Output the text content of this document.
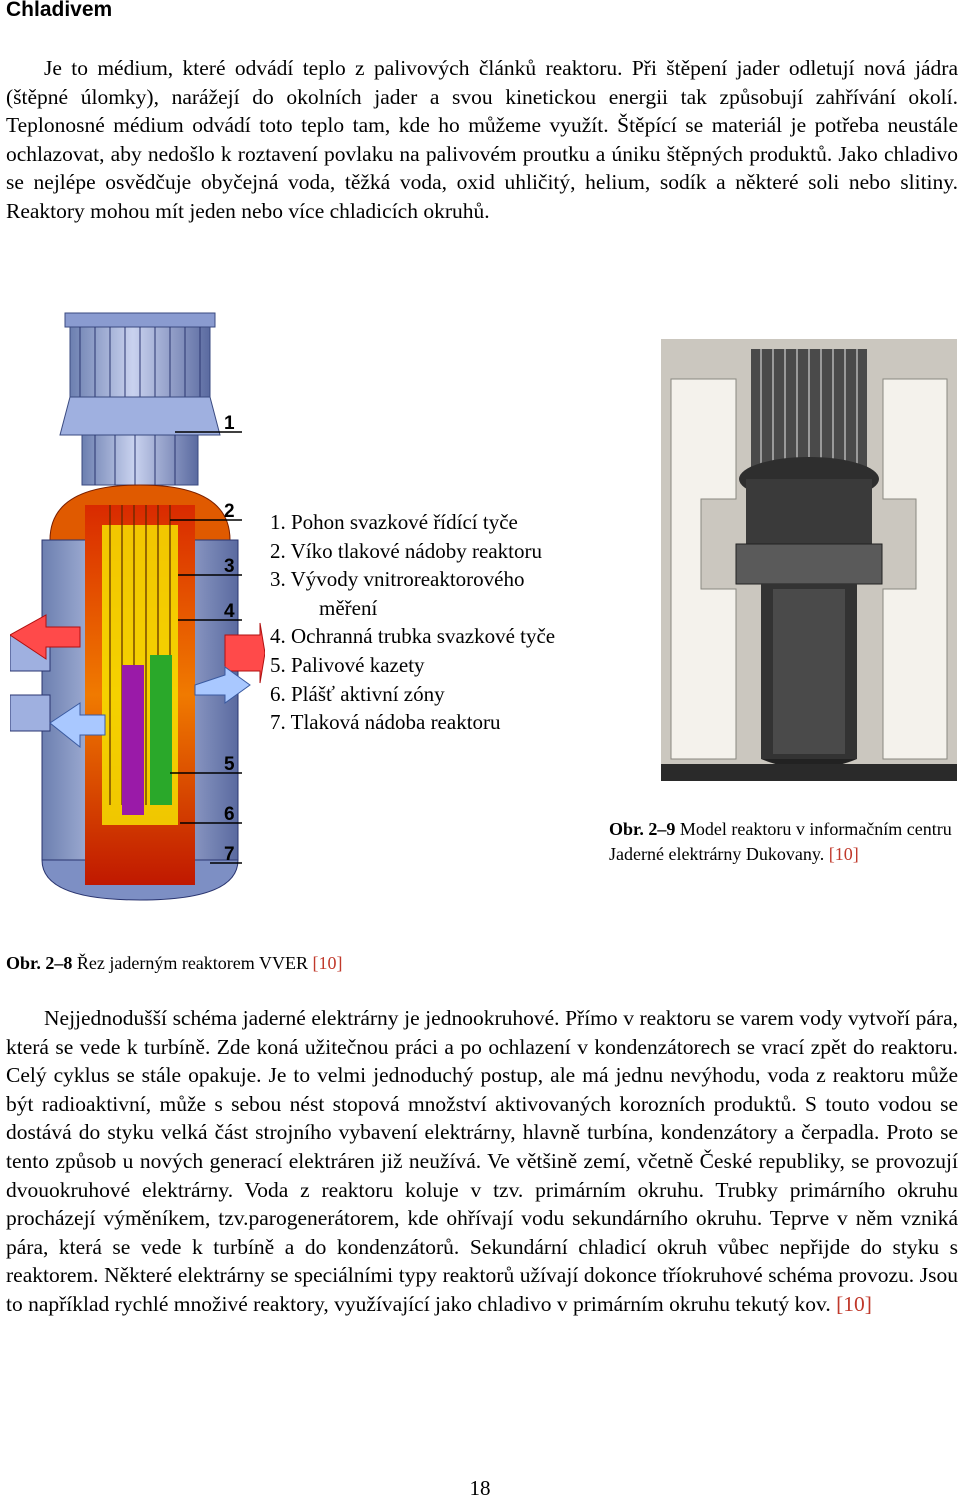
Chladivem

Je to médium, které odvádí teplo z palivových článků reaktoru. Při štěpení jader odletují nová jádra (štěpné úlomky), narážejí do okolních jader a svou kinetickou energii tak způsobují zahřívání okolí. Teplonosné médium odvádí toto teplo tam, kde ho můžeme využít. Štěpící se materiál je potřeba neustále ochlazovat, aby nedošlo k roztavení povlaku na palivovém proutku a úniku štěpných produktů. Jako chladivo se nejlépe osvědčuje obyčejná voda, těžká voda, oxid uhličitý, helium, sodík a některé soli nebo slitiny. Reaktory mohou mít jeden nebo více chladicích okruhů.

1
2
3
4
5
6
7
1. Pohon svazkové řídící tyče
2. Víko tlakové nádoby reaktoru
3. Vývody vnitroreaktorového
měření
4. Ochranná trubka svazkové tyče
5. Palivové kazety
6. Plášť aktivní zóny
7. Tlaková nádoba reaktoru
Obr. 2–9 Model reaktoru v informačním centru Jaderné elektrárny Dukovany. [10]
Obr. 2–8 Řez jaderným reaktorem VVER [10]

Nejjednodušší schéma jaderné elektrárny je jednookruhové. Přímo v reaktoru se varem vody vytvoří pára, která se vede k turbíně. Zde koná užitečnou práci a po ochlazení v kondenzátorech se vrací zpět do reaktoru. Celý cyklus se stále opakuje. Je to velmi jednoduchý postup, ale má jednu nevýhodu, voda z reaktoru může být radioaktivní, může s sebou nést stopová množství aktivovaných korozních produktů. S touto vodou se dostává do styku velká část strojního vybavení elektrárny, hlavně turbína, kondenzátory a čerpadla. Proto se tento způsob u nových generací elektráren již neužívá. Ve většině zemí, včetně České republiky, se provozují dvouokruhové elektrárny. Voda z reaktoru koluje v tzv. primárním okruhu. Trubky primárního okruhu procházejí výměníkem, tzv.parogenerátorem, kde ohřívají vodu sekundárního okruhu. Teprve v něm vzniká pára, která se vede k turbíně a do kondenzátorů. Sekundární chladicí okruh vůbec nepřijde do styku s reaktorem. Některé elektrárny se speciálními typy reaktorů užívají dokonce tříokruhové schéma provozu. Jsou to například rychlé množivé reaktory, využívající jako chladivo v primárním okruhu tekutý kov. [10]

18
